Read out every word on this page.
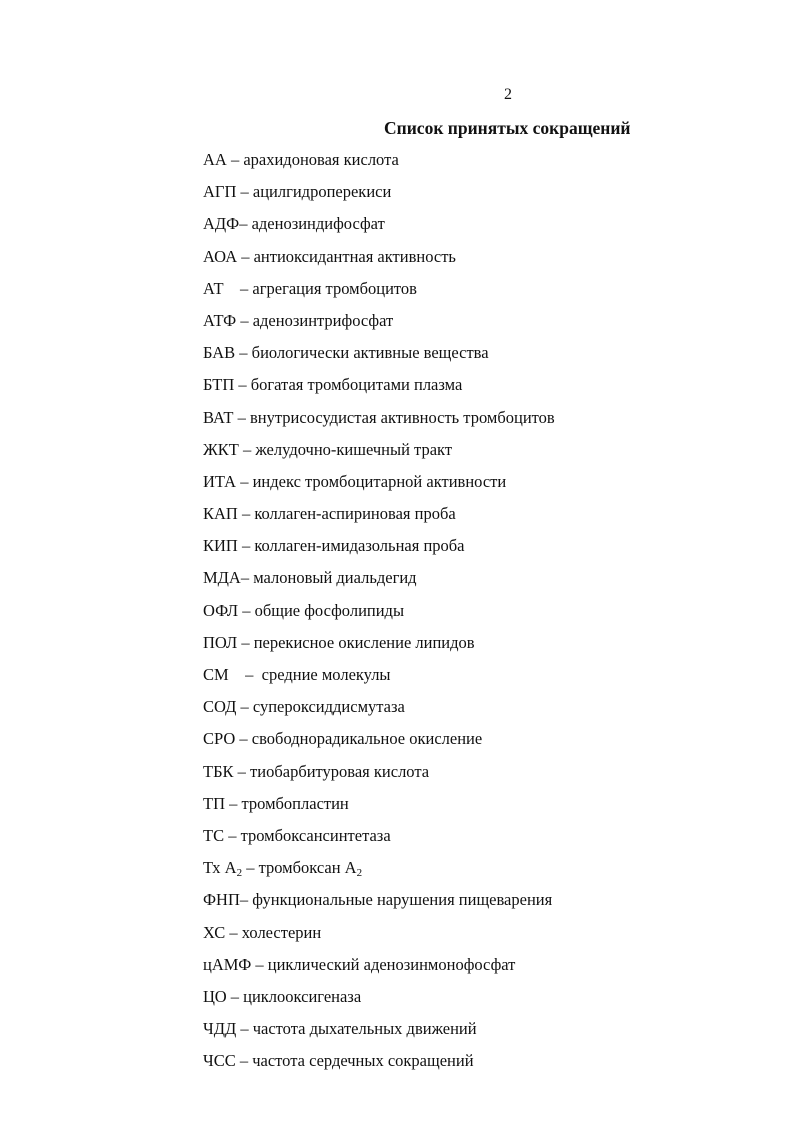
2
Список принятых сокращений
АА – арахидоновая кислота
АГП – ацилгидроперекиси
АДФ– аденозиндифосфат
АОА – антиоксидантная активность
АТ    – агрегация тромбоцитов
АТФ – аденозинтрифосфат
БАВ – биологически активные вещества
БТП – богатая тромбоцитами плазма
ВАТ – внутрисосудистая активность тромбоцитов
ЖКТ – желудочно-кишечный тракт
ИТА – индекс тромбоцитарной активности
КАП – коллаген-аспириновая проба
КИП – коллаген-имидазольная проба
МДА– малоновый диальдегид
ОФЛ – общие фосфолипиды
ПОЛ – перекисное окисление липидов
СМ    –  средние молекулы
СОД – супероксиддисмутаза
СРО – свободнорадикальное окисление
ТБК – тиобарбитуровая кислота
ТП – тромбопластин
ТС – тромбоксансинтетаза
Тх $А_2$ – тромбоксан $А_2$
ФНП– функциональные нарушения пищеварения
ХС – холестерин
цАМФ – циклический аденозинмонофосфат
ЦО – циклооксигеназа
ЧДД – частота дыхательных движений
ЧСС – частота сердечных сокращений
